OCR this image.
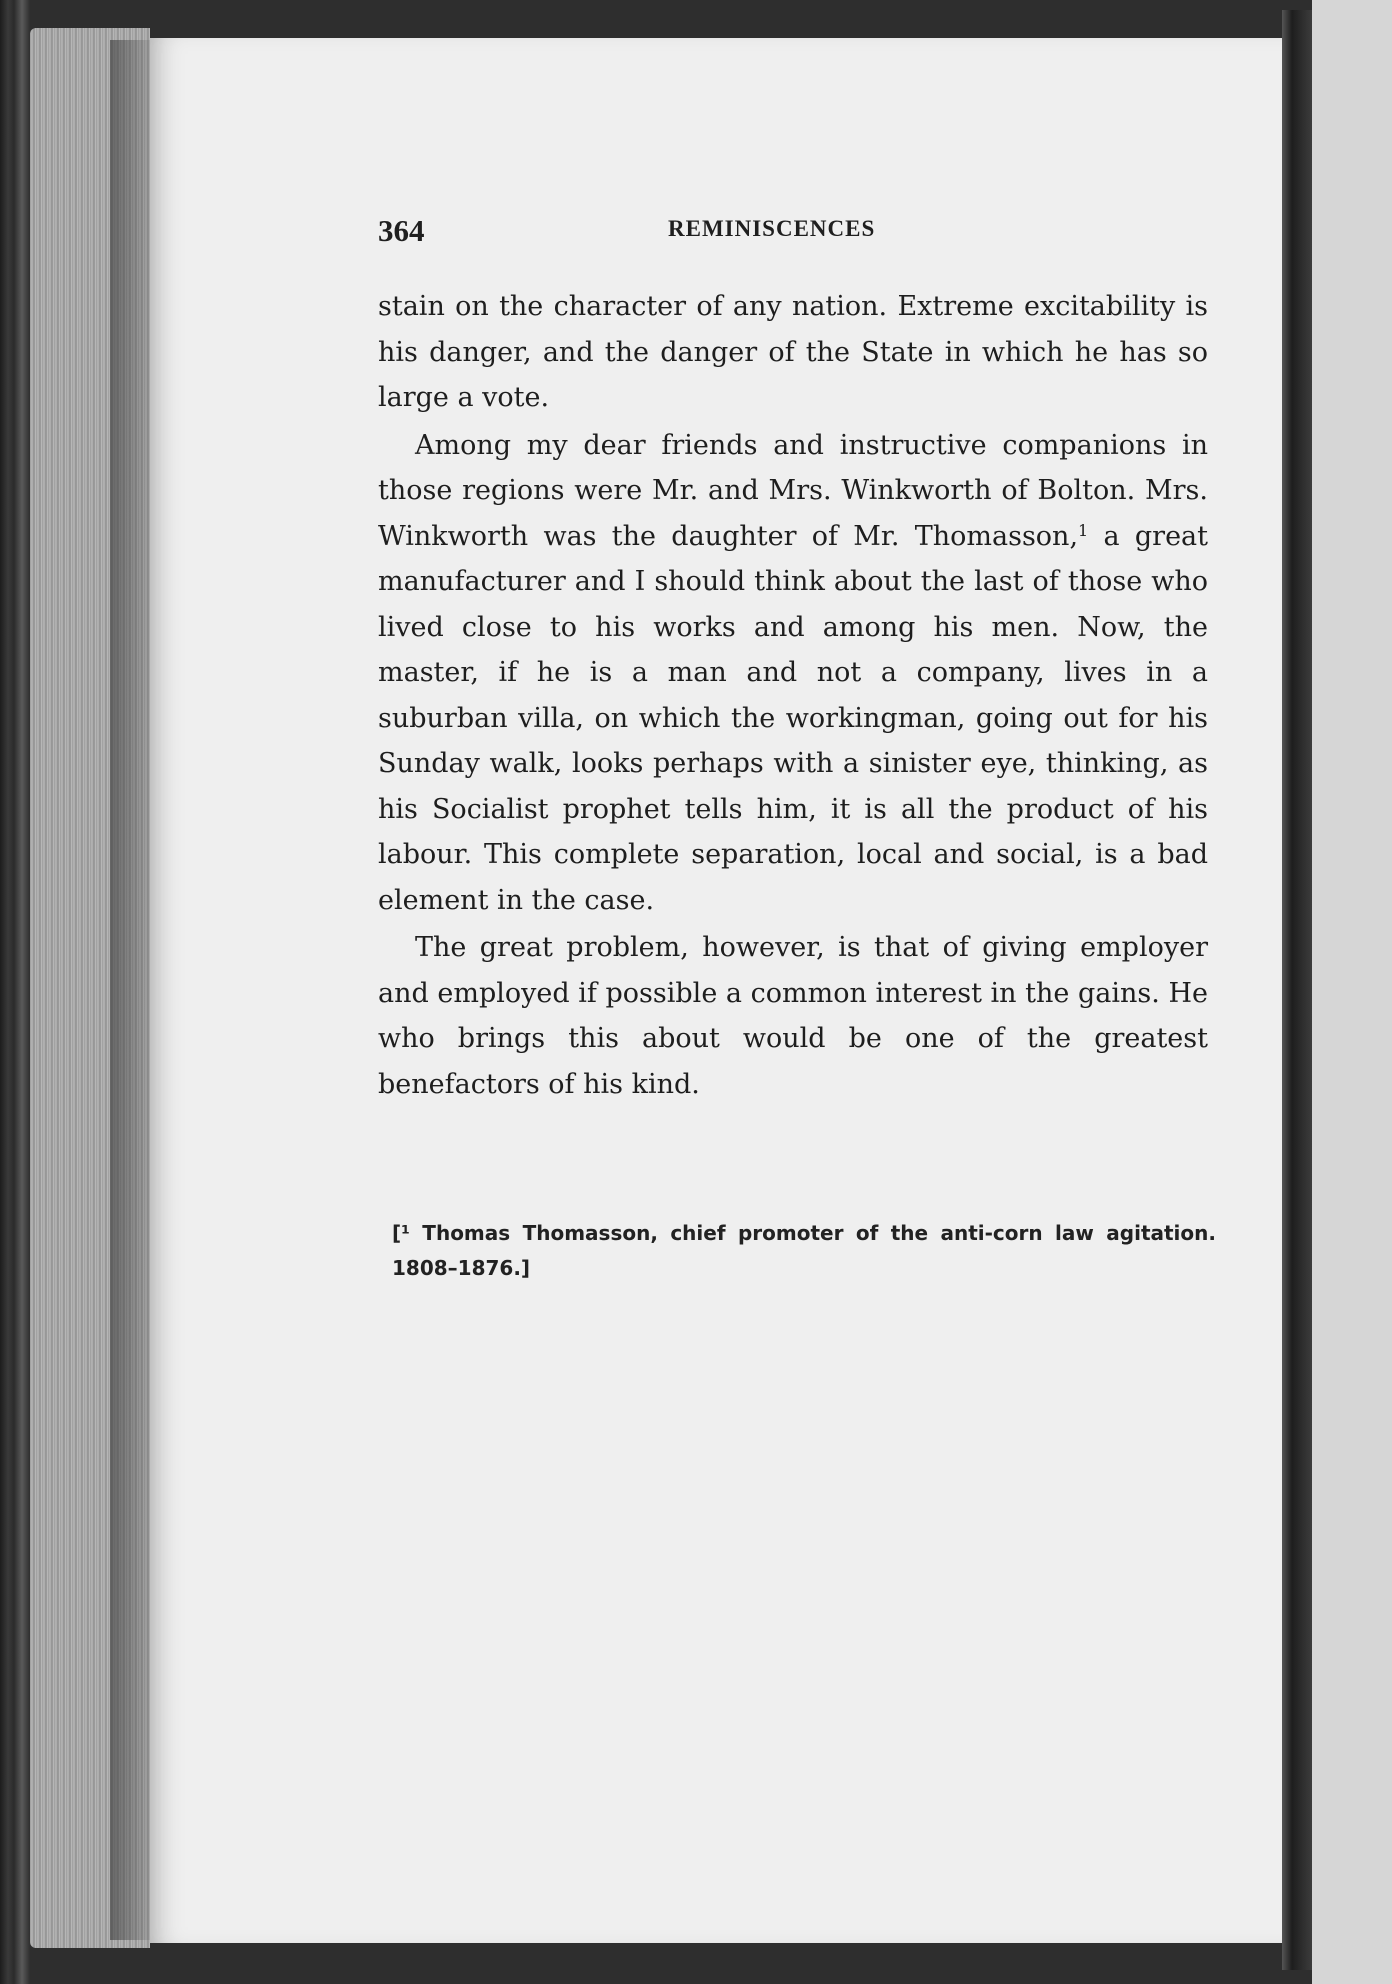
364	REMINISCENCES

stain on the character of any nation. Extreme excitability is his danger, and the danger of the State in which he has so large a vote.

Among my dear friends and instructive companions in those regions were Mr. and Mrs. Winkworth of Bolton. Mrs. Winkworth was the daughter of Mr. Thomasson,$^1$ a great manufacturer and I should think about the last of those who lived close to his works and among his men. Now, the master, if he is a man and not a company, lives in a suburban villa, on which the workingman, going out for his Sunday walk, looks perhaps with a sinister eye, thinking, as his Socialist prophet tells him, it is all the product of his labour. This complete separation, local and social, is a bad element in the case.

The great problem, however, is that of giving employer and employed if possible a common interest in the gains. He who brings this about would be one of the greatest benefactors of his kind.

[¹ Thomas Thomasson, chief promoter of the anti-corn law agitation. 1808–1876.]
